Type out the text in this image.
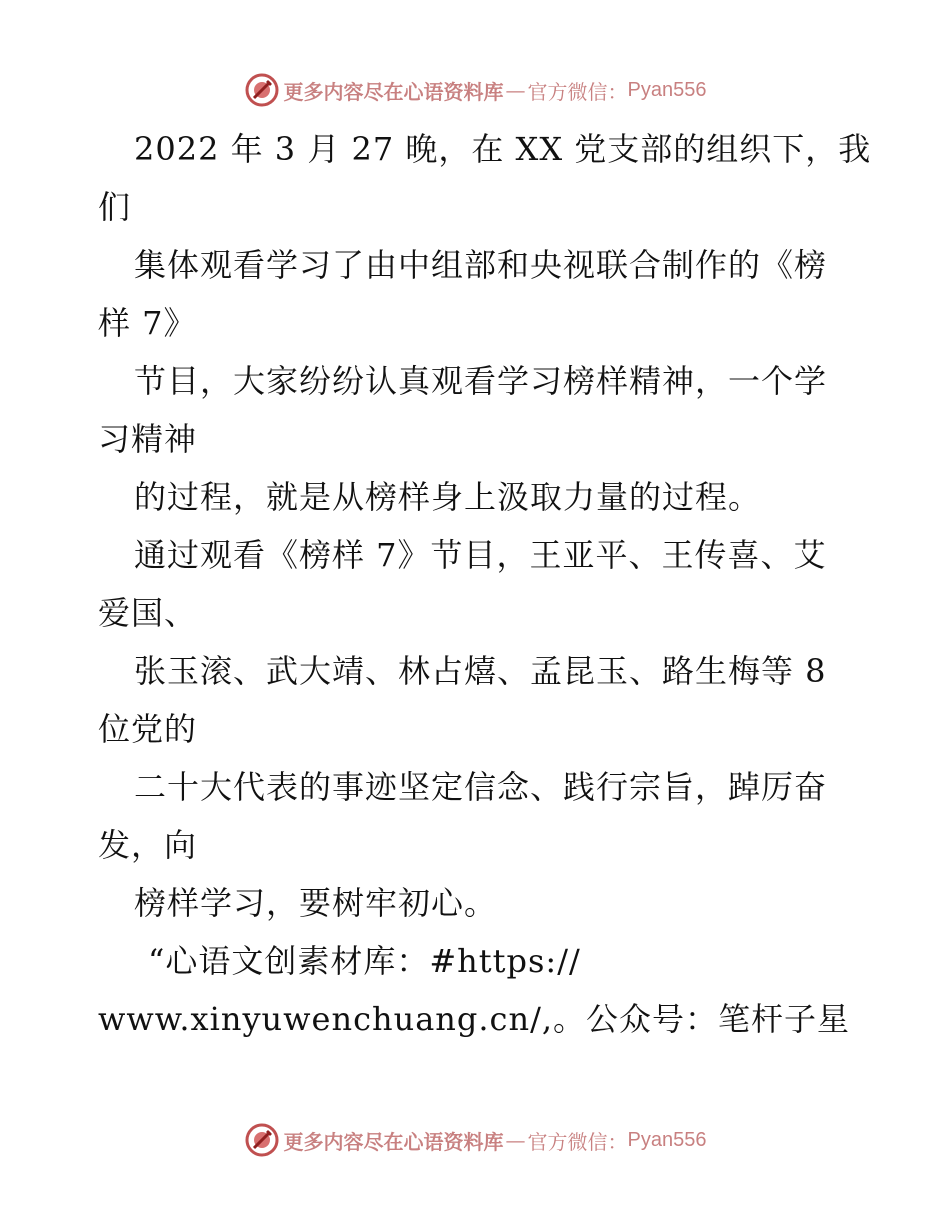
更多内容尽在心语资料库 — 官方微信： Pyan556
2022 年 3 月 27 晚，在 XX 党支部的组织下，我
们
集体观看学习了由中组部和央视联合制作的《榜
样 7》
节目，大家纷纷认真观看学习榜样精神，一个学
习精神
的过程，就是从榜样身上汲取力量的过程。
通过观看《榜样 7》节目，王亚平、王传喜、艾
爱国、
张玉滚、武大靖、林占熺、孟昆玉、路生梅等 8
位党的
二十大代表的事迹坚定信念、践行宗旨，踔厉奋
发，向
榜样学习，要树牢初心。
“心语文创素材库：#https://
www.xinyuwenchuang.cn/,。公众号：笔杆子星
更多内容尽在心语资料库 — 官方微信： Pyan556
